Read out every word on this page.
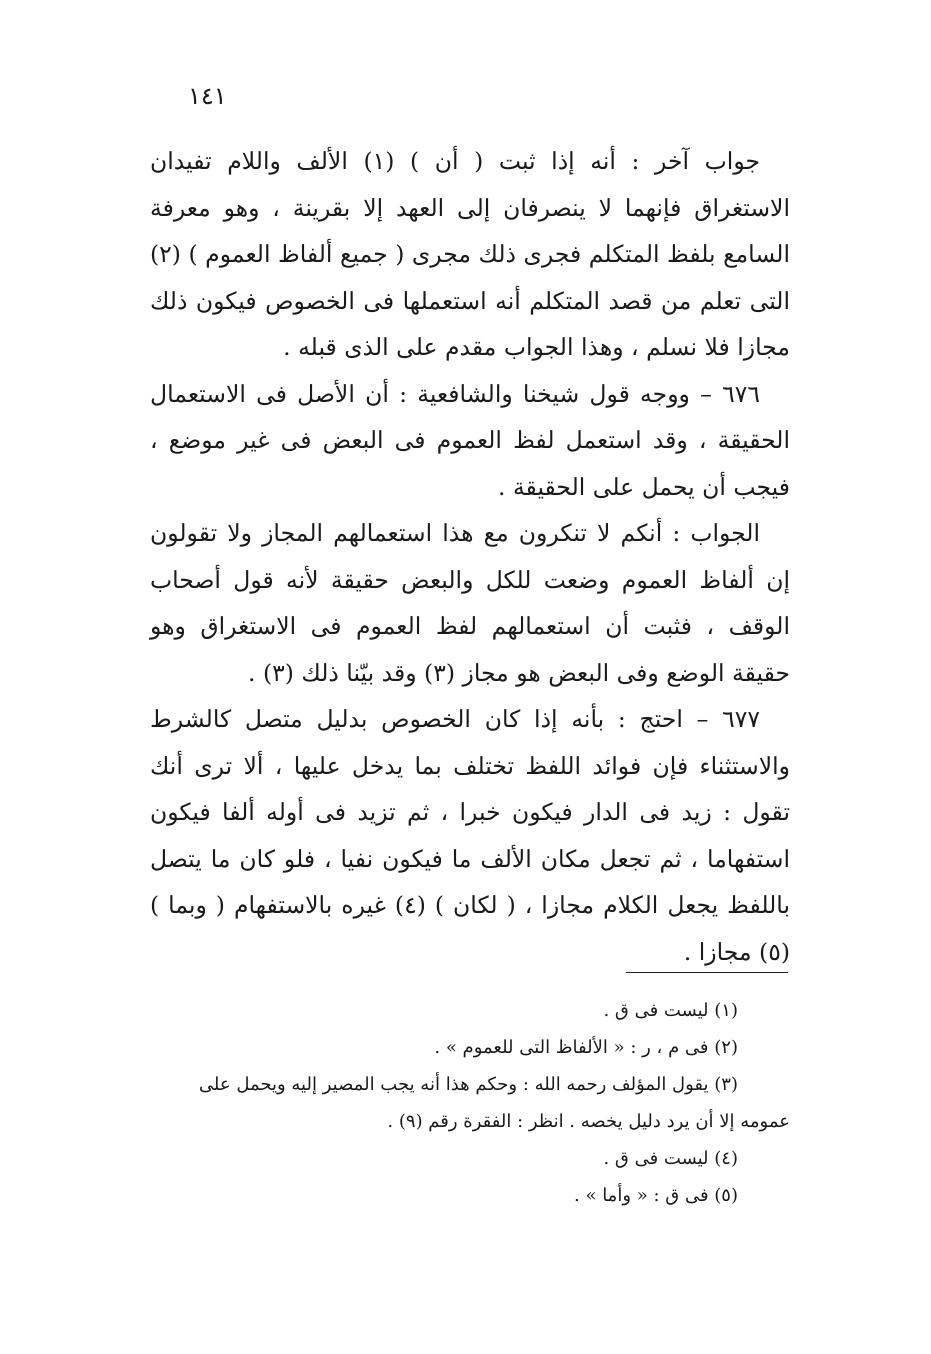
١٤١

جواب آخر : أنه إذا ثبت ( أن ) (١) الألف واللام تفيدان الاستغراق فإنهما لا ينصرفان إلى العهد إلا بقرينة ، وهو معرفة السامع بلفظ المتكلم فجرى ذلك مجرى ( جميع ألفاظ العموم ) (٢) التى تعلم من قصد المتكلم أنه استعملها فى الخصوص فيكون ذلك مجازا فلا نسلم ، وهذا الجواب مقدم على الذى قبله .

٦٧٦ – ووجه قول شيخنا والشافعية : أن الأصل فى الاستعمال الحقيقة ، وقد استعمل لفظ العموم فى البعض فى غير موضع ، فيجب أن يحمل على الحقيقة .

الجواب : أنكم لا تنكرون مع هذا استعمالهم المجاز ولا تقولون إن ألفاظ العموم وضعت للكل والبعض حقيقة لأنه قول أصحاب الوقف ، فثبت أن استعمالهم لفظ العموم فى الاستغراق وهو حقيقة الوضع وفى البعض هو مجاز (٣) وقد بيّنا ذلك (٣) .

٦٧٧ – احتج : بأنه إذا كان الخصوص بدليل متصل كالشرط والاستثناء فإن فوائد اللفظ تختلف بما يدخل عليها ، ألا ترى أنك تقول : زيد فى الدار فيكون خبرا ، ثم تزيد فى أوله ألفا فيكون استفهاما ، ثم تجعل مكان الألف ما فيكون نفيا ، فلو كان ما يتصل باللفظ يجعل الكلام مجازا ، ( لكان ) (٤) غيره بالاستفهام ( وبما ) (٥) مجازا .

(١) ليست فى ق .

(٢) فى م ، ر : « الألفاظ التى للعموم » .

(٣) يقول المؤلف رحمه الله : وحكم هذا أنه يجب المصير إليه ويحمل على

عمومه إلا أن يرد دليل يخصه . انظر : الفقرة رقم (٩) .

(٤) ليست فى ق .

(٥) فى ق : « وأما » .
